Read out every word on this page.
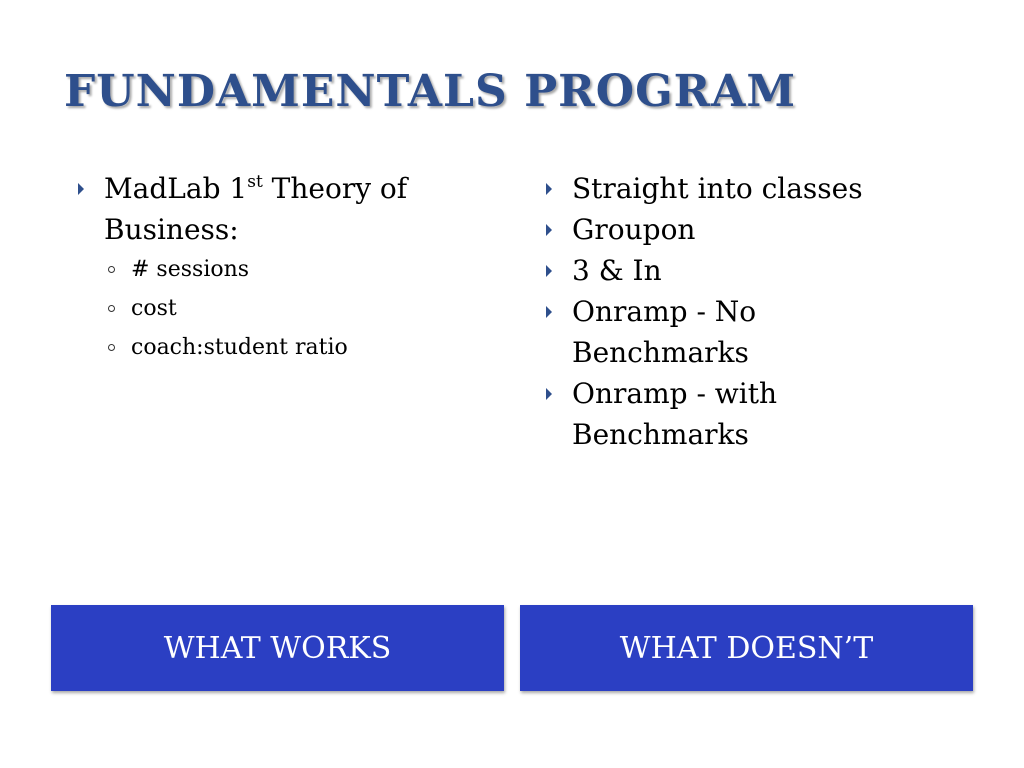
FUNDAMENTALS PROGRAM
MadLab 1st Theory of
Business:
# sessions
cost
coach:student ratio
Straight into classes
Groupon
3 & In
Onramp - No
Benchmarks
Onramp - with
Benchmarks
WHAT WORKS	WHAT DOESN’T
